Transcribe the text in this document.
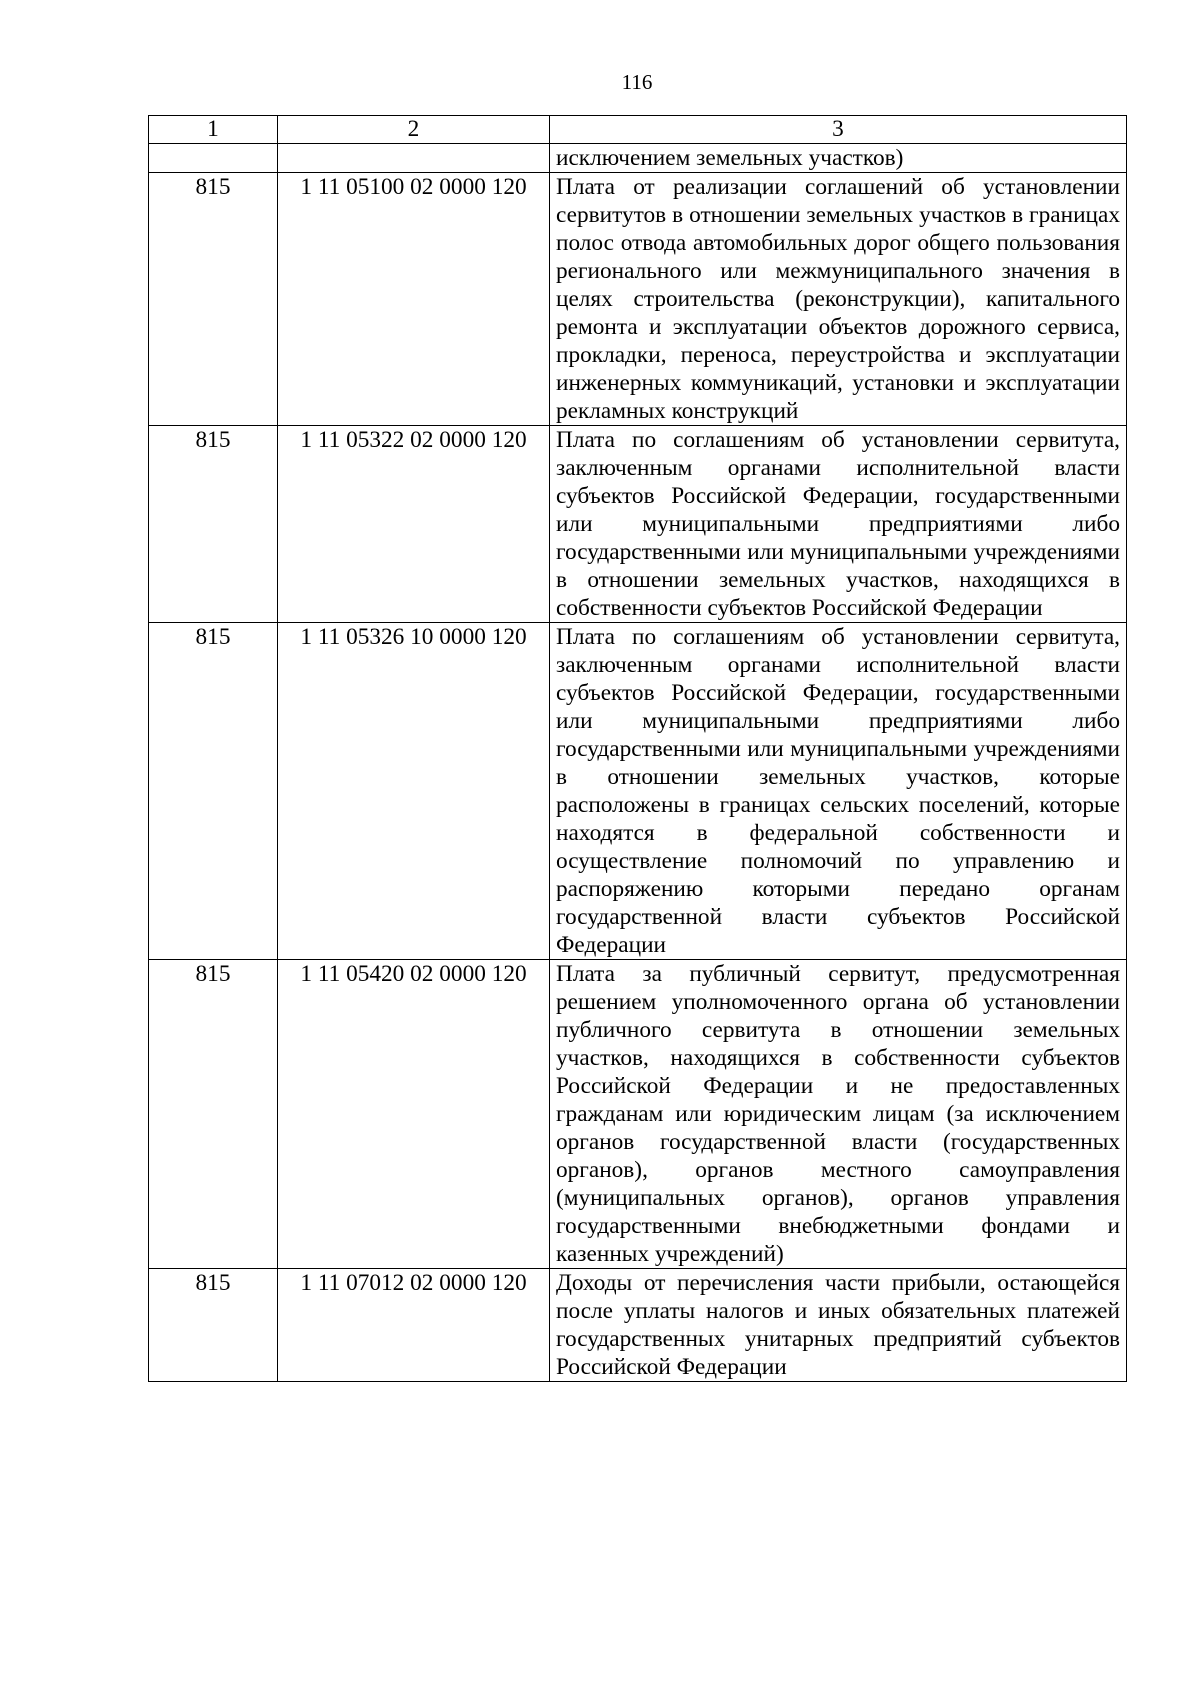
116
1	2	3
		исключением земельных участков)
815	1 11 05100 02 0000 120	Плата от реализации соглашений об установлении сервитутов в отношении земельных участков в границах полос отвода автомобильных дорог общего пользования регионального или межмуниципального значения в целях строительства (реконструкции), капитального ремонта и эксплуатации объектов дорожного сервиса, прокладки, переноса, переустройства и эксплуатации инженерных коммуникаций, установки и эксплуатации рекламных конструкций
815	1 11 05322 02 0000 120	Плата по соглашениям об установлении сервитута, заключенным органами исполнительной власти субъектов Российской Федерации, государственными или муниципальными предприятиями либо государственными или муниципальными учреждениями в отношении земельных участков, находящихся в собственности субъектов Российской Федерации
815	1 11 05326 10 0000 120	Плата по соглашениям об установлении сервитута, заключенным органами исполнительной власти субъектов Российской Федерации, государственными или муниципальными предприятиями либо государственными или муниципальными учреждениями в отношении земельных участков, которые расположены в границах сельских поселений, которые находятся в федеральной собственности и осуществление полномочий по управлению и распоряжению которыми передано органам государственной власти субъектов Российской Федерации
815	1 11 05420 02 0000 120	Плата за публичный сервитут, предусмотренная решением уполномоченного органа об установлении публичного сервитута в отношении земельных участков, находящихся в собственности субъектов Российской Федерации и не предоставленных гражданам или юридическим лицам (за исключением органов государственной власти (государственных органов), органов местного самоуправления (муниципальных органов), органов управления государственными внебюджетными фондами и казенных учреждений)
815	1 11 07012 02 0000 120	Доходы от перечисления части прибыли, остающейся после уплаты налогов и иных обязательных платежей государственных унитарных предприятий субъектов Российской Федерации
